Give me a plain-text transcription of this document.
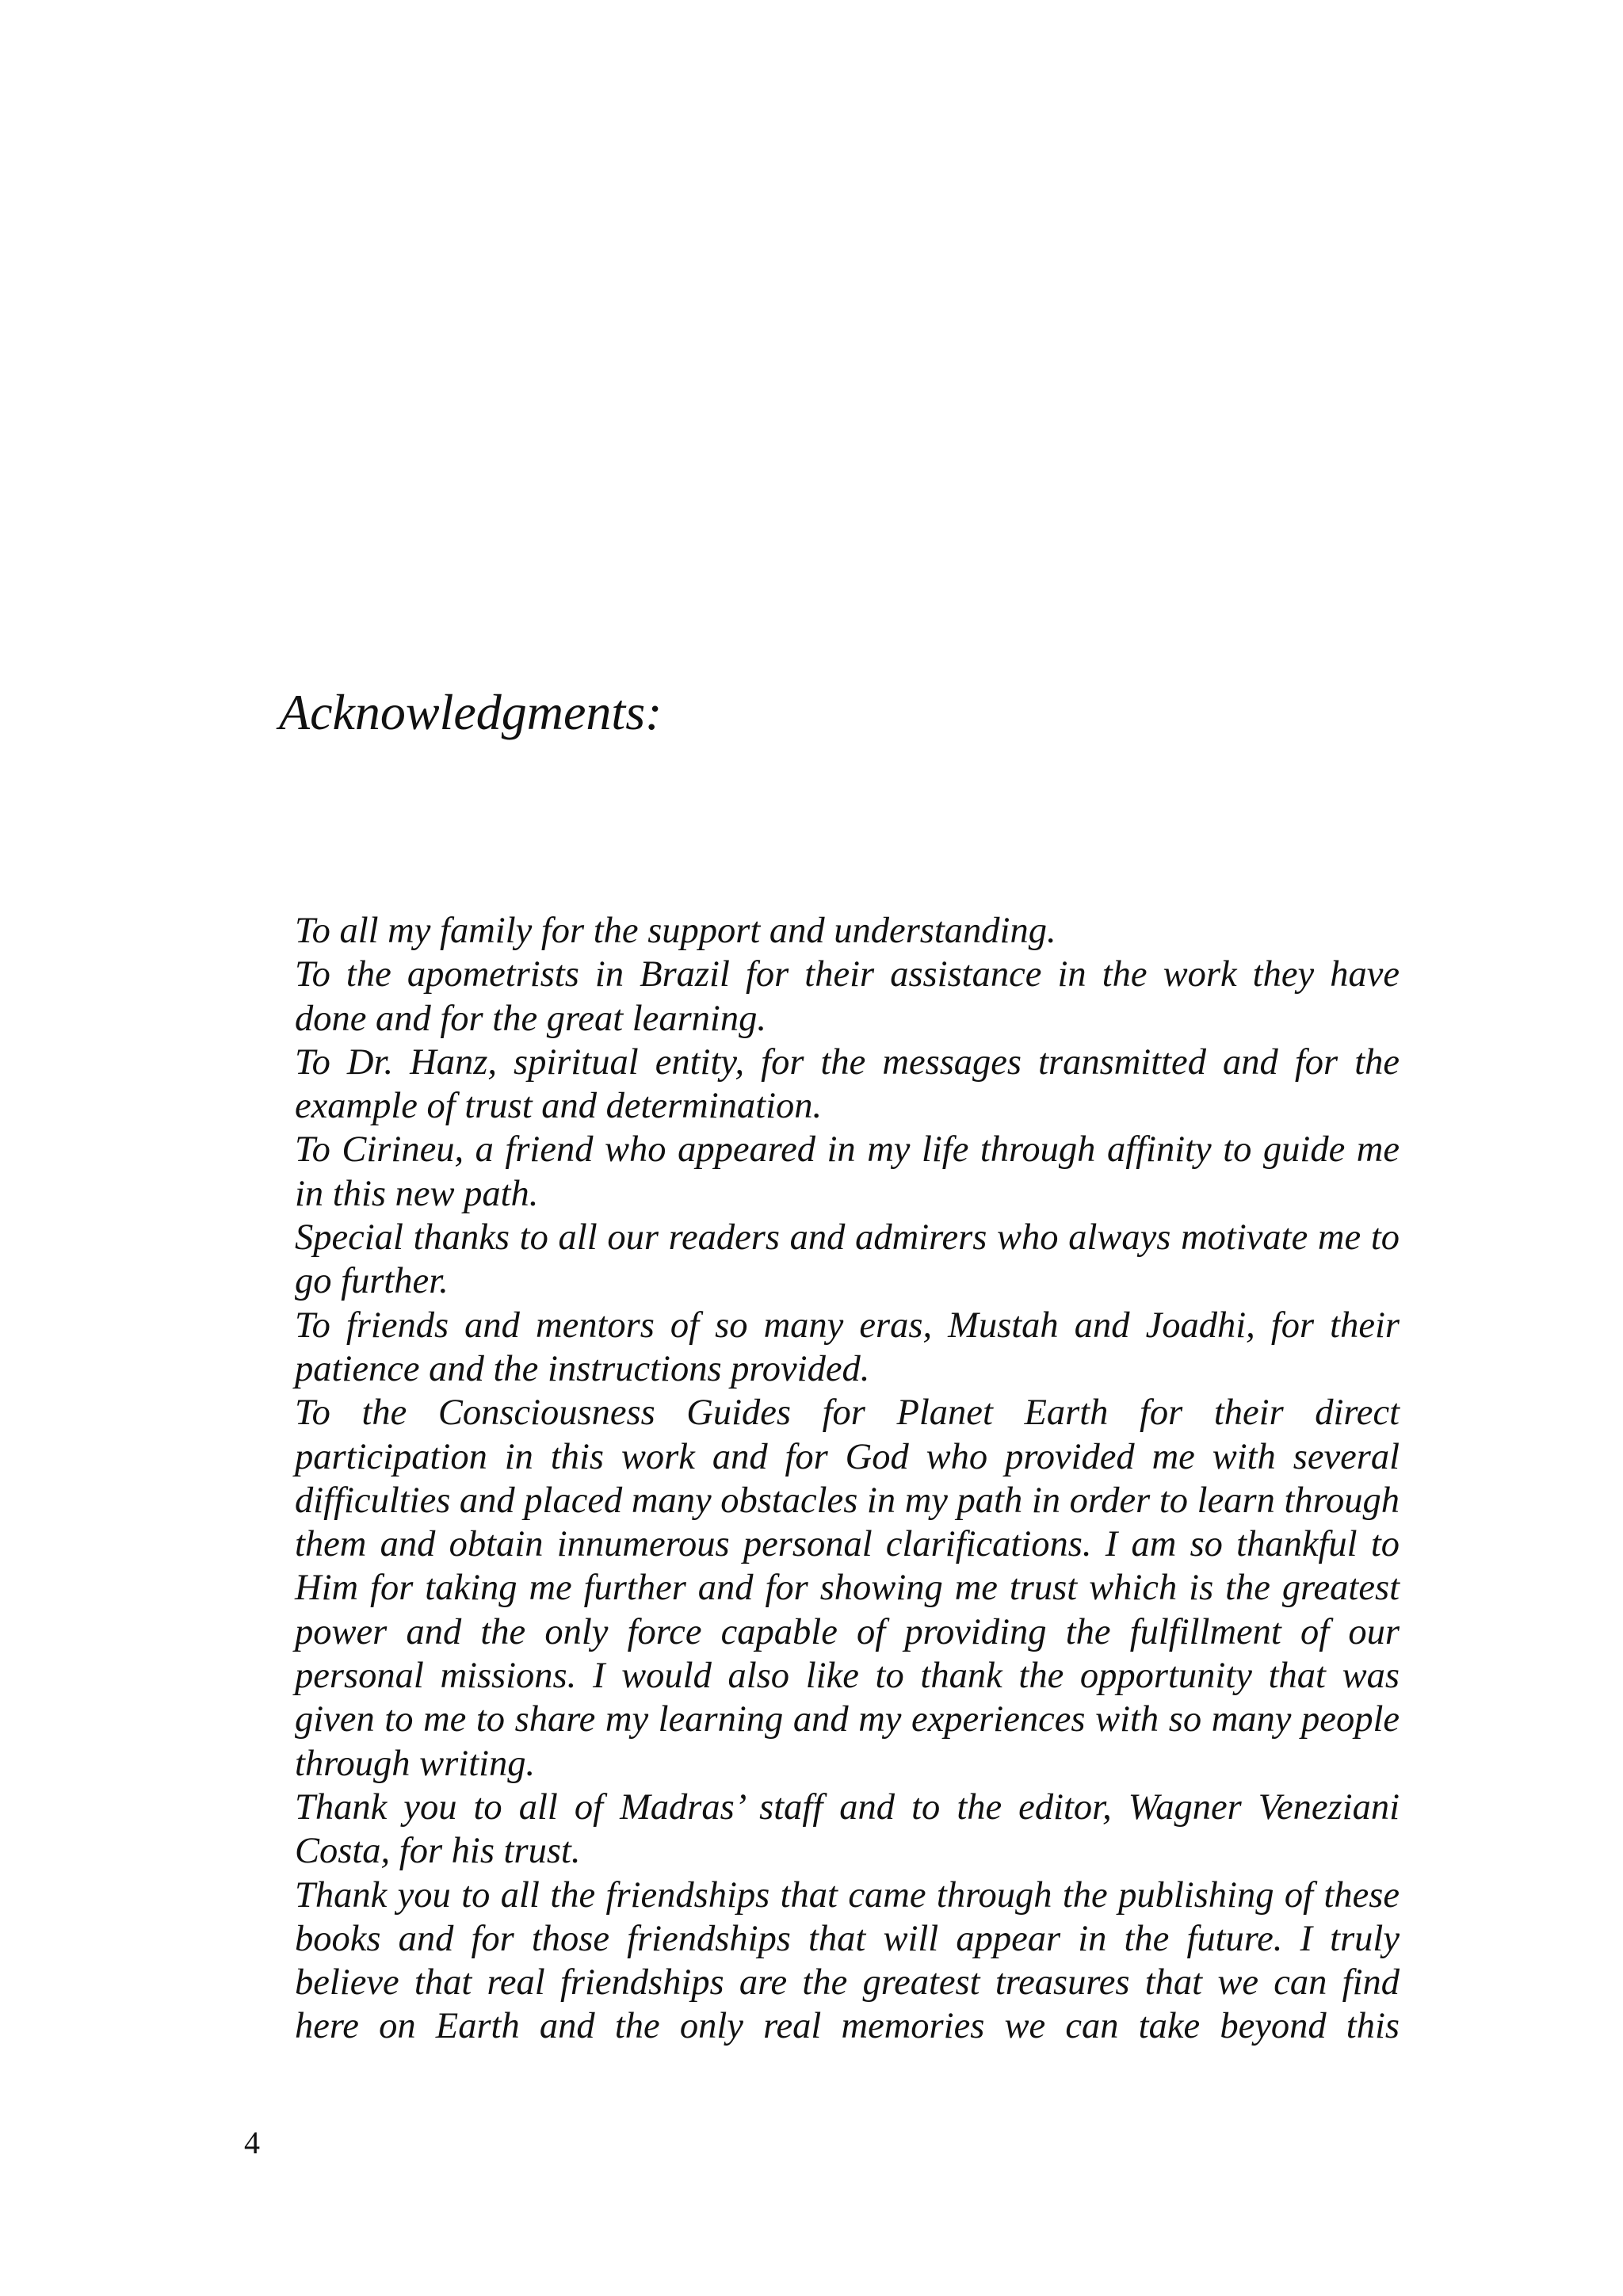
Acknowledgments:

To all my family for the support and understanding.

To the apometrists in Brazil for their assistance in the work they have done and for the great learning.

To Dr. Hanz, spiritual entity, for the messages transmitted and for the example of trust and determination.

To Cirineu, a friend who appeared in my life through affinity to guide me in this new path.

Special thanks to all our readers and admirers who always motivate me to go further.

To friends and mentors of so many eras, Mustah and Joadhi, for their patience and the instructions provided.

To the Consciousness Guides for Planet Earth for their direct participation in this work and for God who provided me with several difficulties and placed many obstacles in my path in order to learn through them and obtain innumerous personal clarifications. I am so thankful to Him for taking me further and for showing me trust which is the greatest power and the only force capable of providing the fulfillment of our personal missions. I would also like to thank the opportunity that was given to me to share my learning and my experiences with so many people through writing.

Thank you to all of Madras’ staff and to the editor, Wagner Veneziani Costa, for his trust.

Thank you to all the friendships that came through the publishing of these books and for those friendships that will appear in the future. I truly believe that real friendships are the greatest treasures that we can find here on Earth and the only real memories we can take beyond this

4
